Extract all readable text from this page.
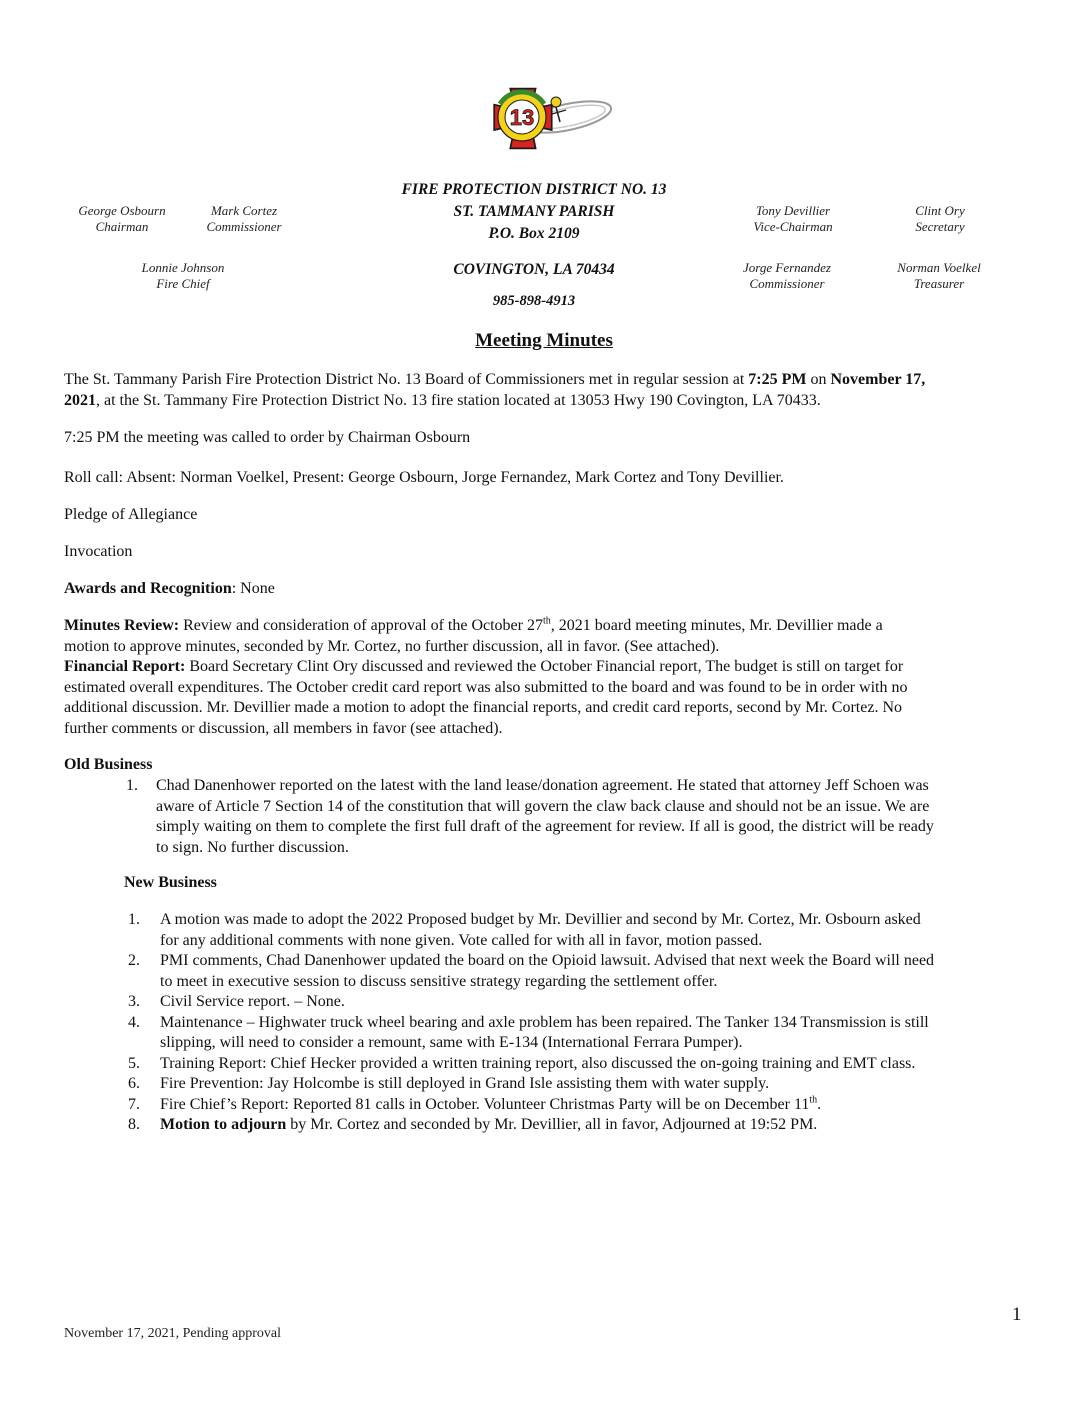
13
George Osbourn
Chairman
Mark Cortez
Commissioner
Lonnie Johnson
Fire Chief
Tony Devillier
Vice-Chairman
Clint Ory
Secretary
Jorge Fernandez
Commissioner
Norman Voelkel
Treasurer
FIRE PROTECTION DISTRICT NO. 13
ST. TAMMANY PARISH
P.O. Box 2109
COVINGTON, LA 70434
985-898-4913
Meeting Minutes
The St. Tammany Parish Fire Protection District No. 13 Board of Commissioners met in regular session at 7:25 PM on November 17,
2021, at the St. Tammany Fire Protection District No. 13 fire station located at 13053 Hwy 190 Covington, LA 70433.
7:25 PM the meeting was called to order by Chairman Osbourn
Roll call: Absent: Norman Voelkel, Present: George Osbourn, Jorge Fernandez, Mark Cortez and Tony Devillier.
Pledge of Allegiance
Invocation
Awards and Recognition: None
Minutes Review: Review and consideration of approval of the October 27th, 2021 board meeting minutes, Mr. Devillier made a
motion to approve minutes, seconded by Mr. Cortez, no further discussion, all in favor. (See attached).
Financial Report: Board Secretary Clint Ory discussed and reviewed the October Financial report, The budget is still on target for
estimated overall expenditures. The October credit card report was also submitted to the board and was found to be in order with no
additional discussion. Mr. Devillier made a motion to adopt the financial reports, and credit card reports, second by Mr. Cortez. No
further comments or discussion, all members in favor (see attached).
Old Business
1. Chad Danenhower reported on the latest with the land lease/donation agreement. He stated that attorney Jeff Schoen was
aware of Article 7 Section 14 of the constitution that will govern the claw back clause and should not be an issue. We are
simply waiting on them to complete the first full draft of the agreement for review. If all is good, the district will be ready
to sign. No further discussion.
New Business
1. A motion was made to adopt the 2022 Proposed budget by Mr. Devillier and second by Mr. Cortez, Mr. Osbourn asked
for any additional comments with none given. Vote called for with all in favor, motion passed.
2. PMI comments, Chad Danenhower updated the board on the Opioid lawsuit. Advised that next week the Board will need
to meet in executive session to discuss sensitive strategy regarding the settlement offer.
3. Civil Service report. – None.
4. Maintenance – Highwater truck wheel bearing and axle problem has been repaired. The Tanker 134 Transmission is still
slipping, will need to consider a remount, same with E-134 (International Ferrara Pumper).
5. Training Report: Chief Hecker provided a written training report, also discussed the on-going training and EMT class.
6. Fire Prevention: Jay Holcombe is still deployed in Grand Isle assisting them with water supply.
7. Fire Chief’s Report: Reported 81 calls in October. Volunteer Christmas Party will be on December 11th.
8. Motion to adjourn by Mr. Cortez and seconded by Mr. Devillier, all in favor, Adjourned at 19:52 PM.
1
November 17, 2021, Pending approval
